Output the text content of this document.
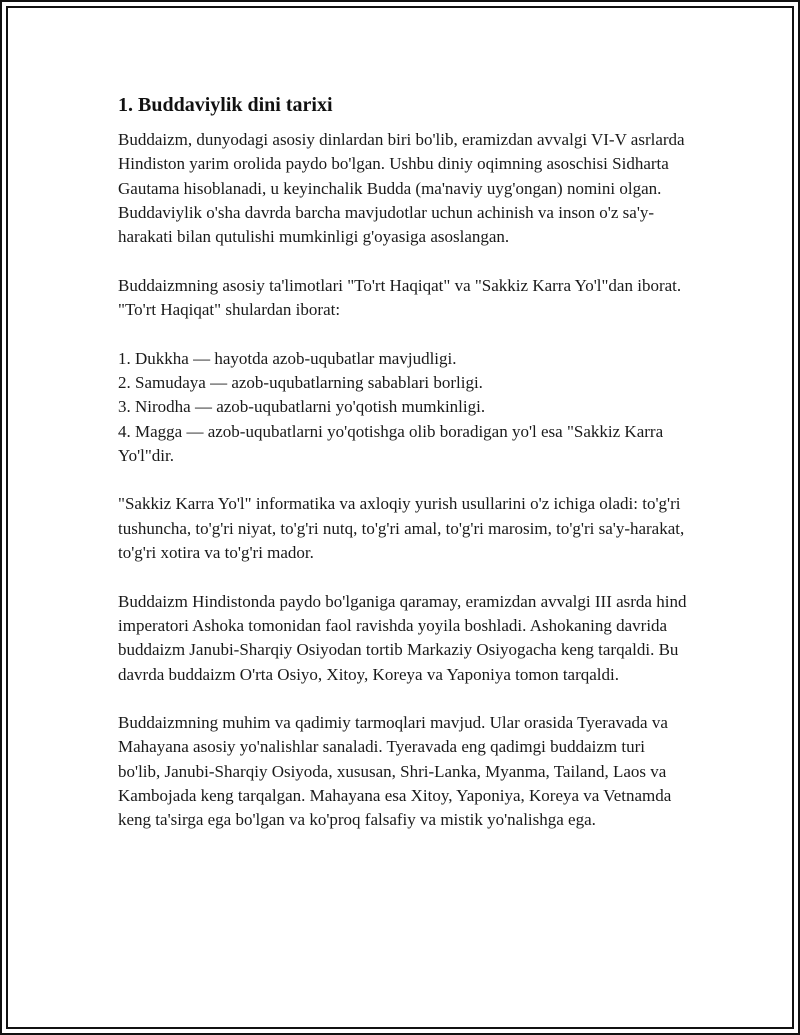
1. Buddaviylik dini tarixi

Buddaizm, dunyodagi asosiy dinlardan biri bo'lib, eramizdan avvalgi VI-V asrlarda Hindiston yarim orolida paydo bo'lgan. Ushbu diniy oqimning asoschisi Sidharta Gautama hisoblanadi, u keyinchalik Budda (ma'naviy uyg'ongan) nomini olgan. Buddaviylik o'sha davrda barcha mavjudotlar uchun achinish va inson o'z sa'y-harakati bilan qutulishi mumkinligi g'oyasiga asoslangan.

Buddaizmning asosiy ta'limotlari "To'rt Haqiqat" va "Sakkiz Karra Yo'l"dan iborat. "To'rt Haqiqat" shulardan iborat:

1. Dukkha — hayotda azob-uqubatlar mavjudligi.
2. Samudaya — azob-uqubatlarning sabablari borligi.
3. Nirodha — azob-uqubatlarni yo'qotish mumkinligi.
4. Magga — azob-uqubatlarni yo'qotishga olib boradigan yo'l esa "Sakkiz Karra Yo'l"dir.

"Sakkiz Karra Yo'l" informatika va axloqiy yurish usullarini o'z ichiga oladi: to'g'ri tushuncha, to'g'ri niyat, to'g'ri nutq, to'g'ri amal, to'g'ri marosim, to'g'ri sa'y-harakat, to'g'ri xotira va to'g'ri mador.

Buddaizm Hindistonda paydo bo'lganiga qaramay, eramizdan avvalgi III asrda hind imperatori Ashoka tomonidan faol ravishda yoyila boshladi. Ashokaning davrida buddaizm Janubi-Sharqiy Osiyodan tortib Markaziy Osiyogacha keng tarqaldi. Bu davrda buddaizm O'rta Osiyo, Xitoy, Koreya va Yaponiya tomon tarqaldi.

Buddaizmning muhim va qadimiy tarmoqlari mavjud. Ular orasida Tyeravada va Mahayana asosiy yo'nalishlar sanaladi. Tyeravada eng qadimgi buddaizm turi bo'lib, Janubi-Sharqiy Osiyoda, xususan, Shri-Lanka, Myanma, Tailand, Laos va Kambojada keng tarqalgan. Mahayana esa Xitoy, Yaponiya, Koreya va Vetnamda keng ta'sirga ega bo'lgan va ko'proq falsafiy va mistik yo'nalishga ega.
